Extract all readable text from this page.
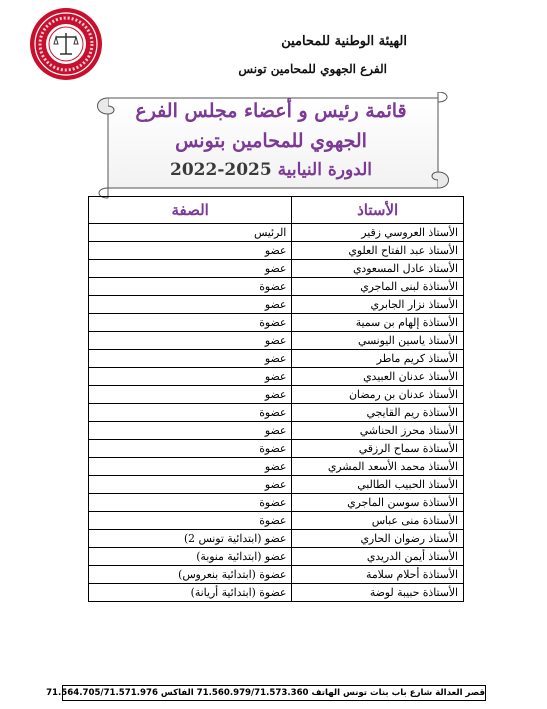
الهيئة الوطنية للمحامين
الفرع الجهوي للمحامين تونس
قائمة رئيس و أعضاء مجلس الفرع
الجهوي للمحامين بتونس
الدورة النيابية 2025-2022
الأستاذ	الصفة
الأستاذ العروسي زقير	الرئيس
الأستاذ عبد الفتاح العلوي	عضو
الأستاذ عادل المسعودي	عضو
الأستاذة لبنى الماجري	عضوة
الأستاذ نزار الجابري	عضو
الأستاذة إلهام بن سمية	عضوة
الأستاذ ياسين اليونسي	عضو
الأستاذ كريم ماطر	عضو
الأستاذ عدنان العبيدي	عضو
الأستاذ عدنان بن رمضان	عضو
الأستاذة ريم القايجي	عضوة
الأستاذ محرز الحناشي	عضو
الأستاذة سماح الرزقي	عضوة
الأستاذ محمد الأسعد المشري	عضو
الأستاذ الحبيب الطالبي	عضو
الأستاذة سوسن الماجري	عضوة
الأستاذة منى عباس	عضوة
الأستاذ رضوان الحاري	عضو (ابتدائية تونس 2)
الأستاذ أيمن الدريدي	عضو (ابتدائية منوبة)
الأستاذة أحلام سلامة	عضوة (ابتدائية بنعروس)
الأستاذة حبيبة لوضة	عضوة (ابتدائية أريانة)
قصر العدالة شارع باب بنات تونس الهاتف 71.560.979/71.573.360 الفاكس 71.564.705/71.571.976
